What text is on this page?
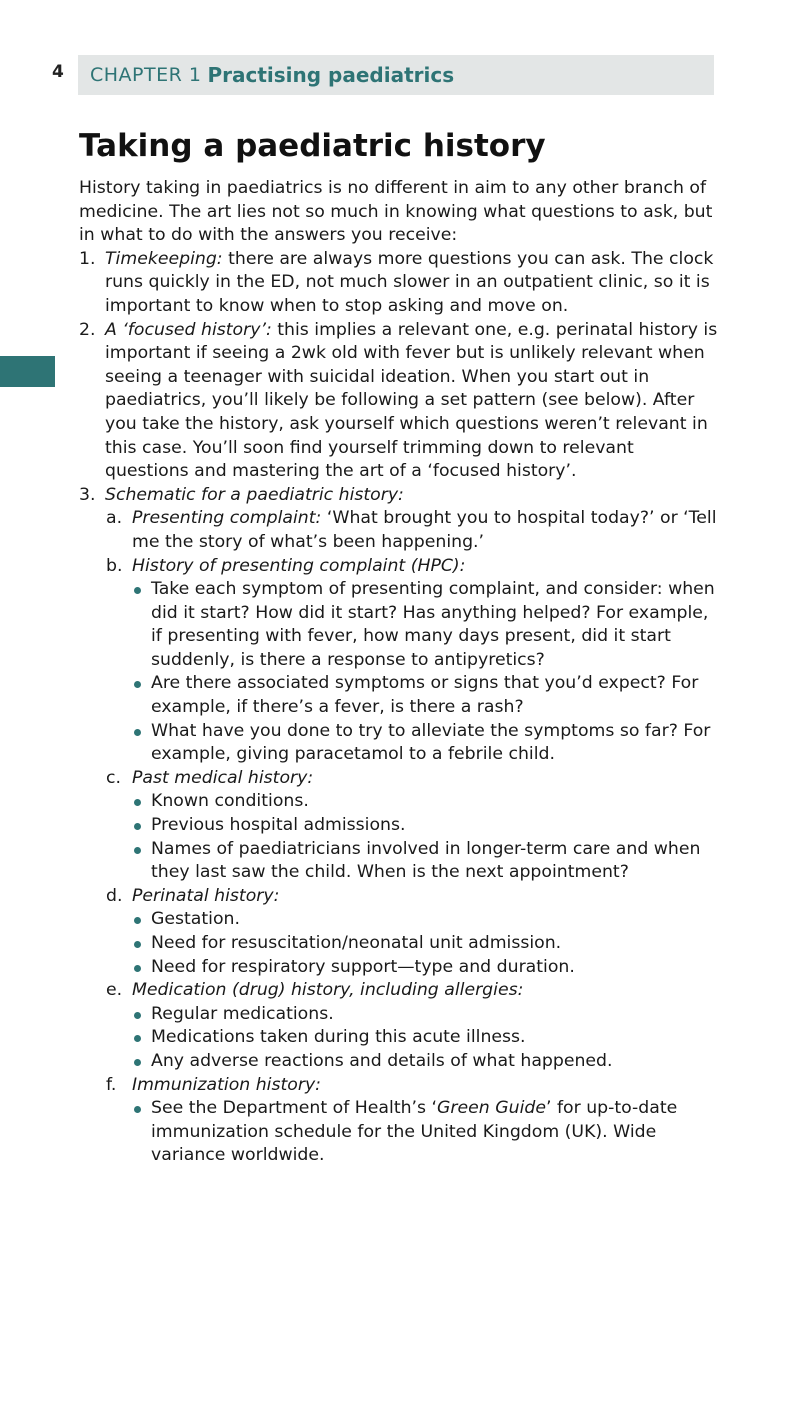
4 CHAPTER 1 Practising paediatrics
Taking a paediatric history

History taking in paediatrics is no different in aim to any other branch of medicine. The art lies not so much in knowing what questions to ask, but in what to do with the answers you receive:

1. Timekeeping: there are always more questions you can ask. The clock runs quickly in the ED, not much slower in an outpatient clinic, so it is important to know when to stop asking and move on.
2. A ‘focused history’: this implies a relevant one, e.g. perinatal history is important if seeing a 2wk old with fever but is unlikely relevant when seeing a teenager with suicidal ideation. When you start out in paediatrics, you’ll likely be following a set pattern (see below). After you take the history, ask yourself which questions weren’t relevant in this case. You’ll soon find yourself trimming down to relevant questions and mastering the art of a ‘focused history’.
3. Schematic for a paediatric history:
a. Presenting complaint: ‘What brought you to hospital today?’ or ‘Tell me the story of what’s been happening.’
b. History of presenting complaint (HPC):
Take each symptom of presenting complaint, and consider: when did it start? How did it start? Has anything helped? For example, if presenting with fever, how many days present, did it start suddenly, is there a response to antipyretics?
Are there associated symptoms or signs that you’d expect? For example, if there’s a fever, is there a rash?
What have you done to try to alleviate the symptoms so far? For example, giving paracetamol to a febrile child.
c. Past medical history:
Known conditions.
Previous hospital admissions.
Names of paediatricians involved in longer-term care and when they last saw the child. When is the next appointment?
d. Perinatal history:
Gestation.
Need for resuscitation/neonatal unit admission.
Need for respiratory support—type and duration.
e. Medication (drug) history, including allergies:
Regular medications.
Medications taken during this acute illness.
Any adverse reactions and details of what happened.
f. Immunization history:
See the Department of Health’s ‘Green Guide’ for up-to-date immunization schedule for the United Kingdom (UK). Wide variance worldwide.
